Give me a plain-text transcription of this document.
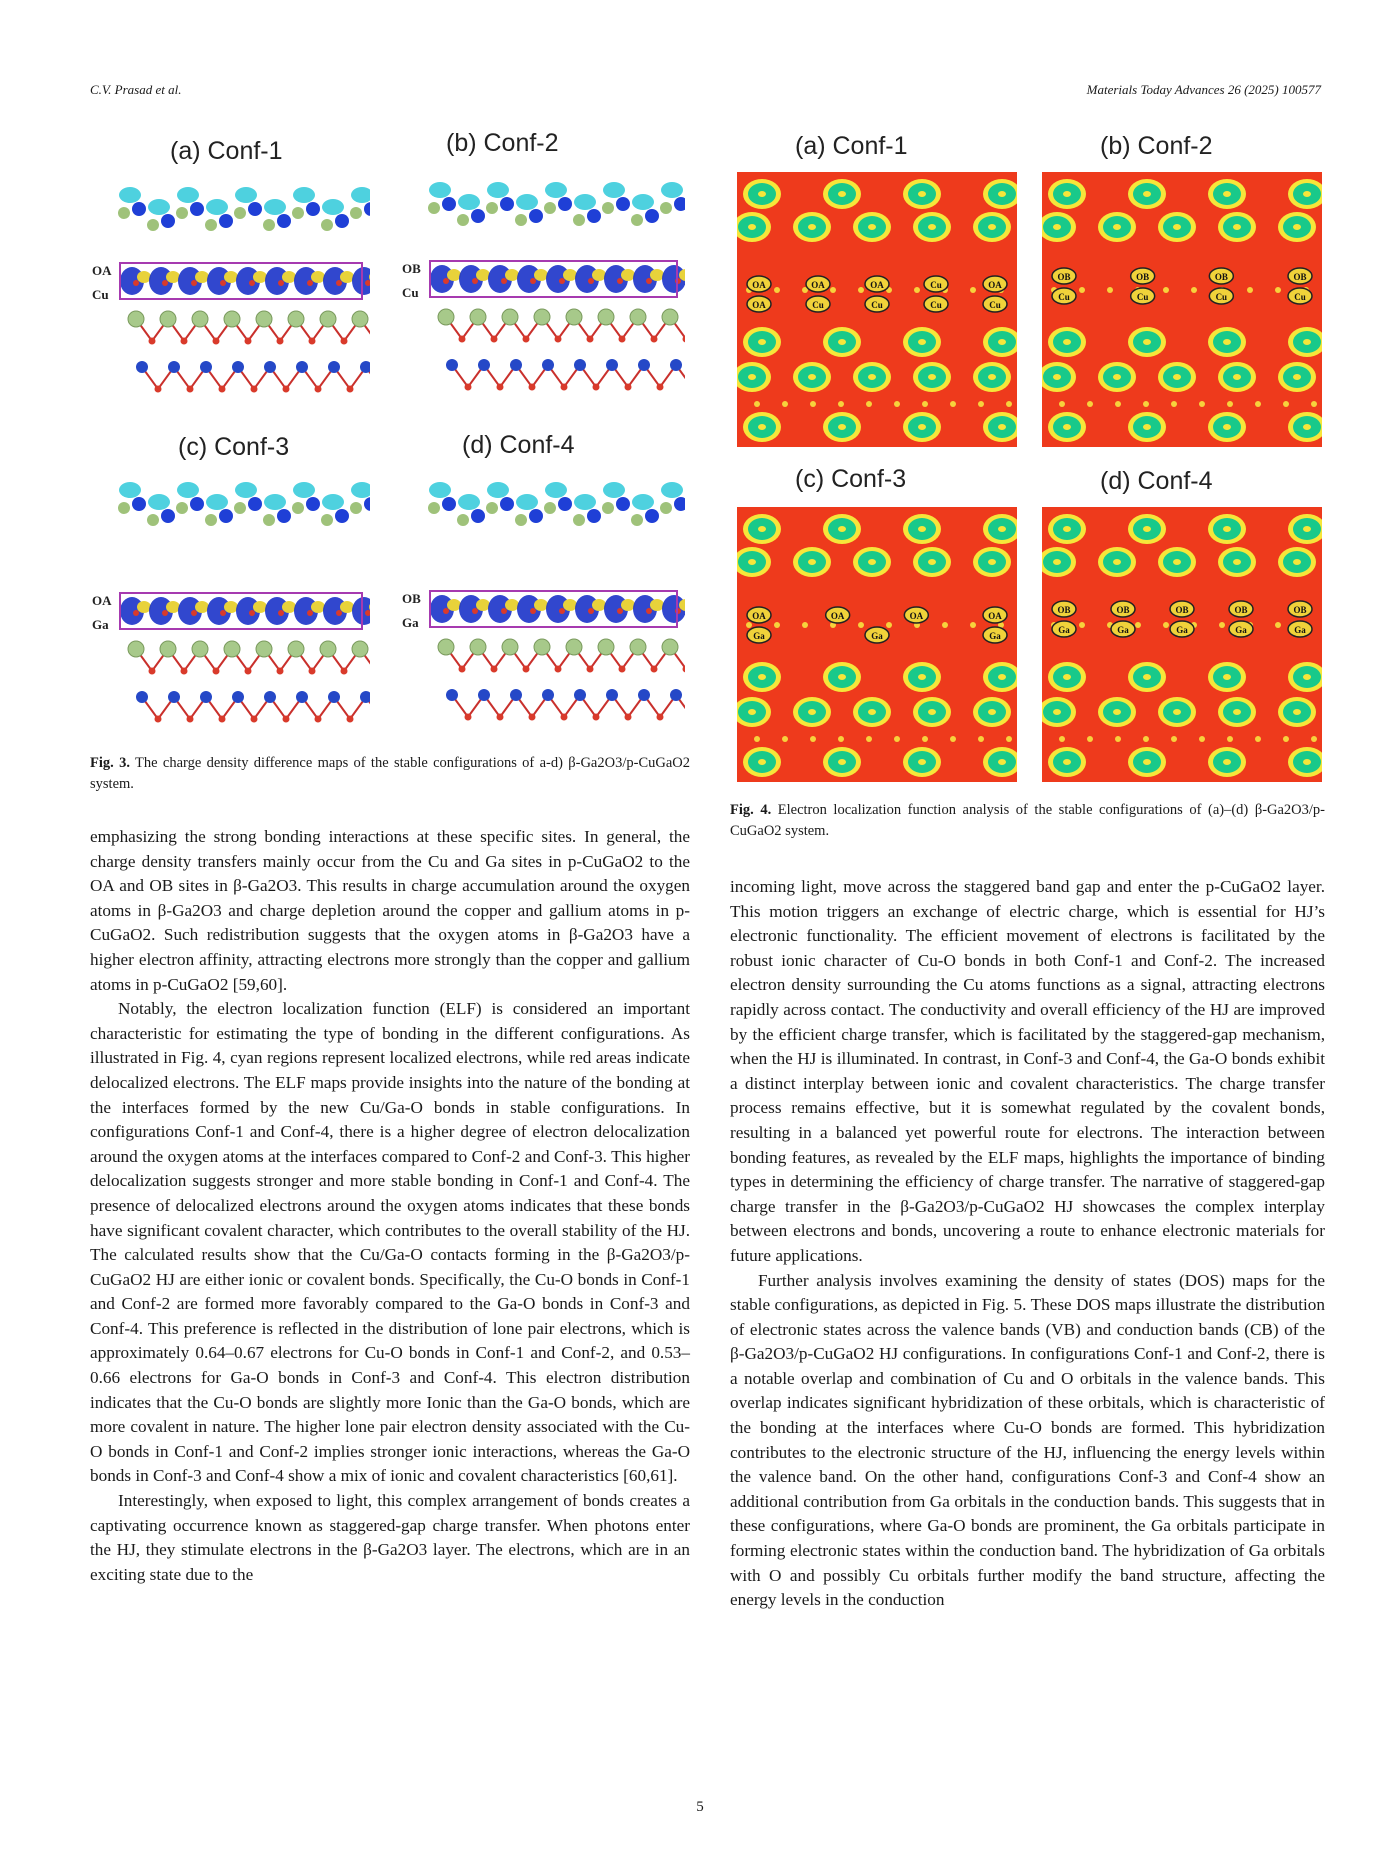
C.V. Prasad et al.	Materials Today Advances 26 (2025) 100577
(a) Conf-1	(b) Conf-2
(c) Conf-3	(d) Conf-4
OA
Cu
OB
Cu
OA
Ga
OB
Ga
Fig. 3. The charge density difference maps of the stable configurations of a-d) β-Ga2O3/p-CuGaO2 system.
(a) Conf-1	(b) Conf-2
(c) Conf-3	(d) Conf-4
OA	OA	OA	Cu	OA
OA	Cu	Cu	Cu	Cu
OB	OB	OB	OB
Cu	Cu	Cu	Cu
OA	OA	OA	OA
Ga	Ga	Ga
OB	OB	OB	OB	OB
Ga	Ga	Ga	Ga	Ga
Fig. 4. Electron localization function analysis of the stable configurations of (a)–(d) β-Ga2O3/p-CuGaO2 system.

emphasizing the strong bonding interactions at these specific sites. In general, the charge density transfers mainly occur from the Cu and Ga sites in p-CuGaO2 to the OA and OB sites in β-Ga2O3. This results in charge accumulation around the oxygen atoms in β-Ga2O3 and charge depletion around the copper and gallium atoms in p-CuGaO2. Such redistribution suggests that the oxygen atoms in β-Ga2O3 have a higher electron affinity, attracting electrons more strongly than the copper and gallium atoms in p-CuGaO2 [59,60].

Notably, the electron localization function (ELF) is considered an important characteristic for estimating the type of bonding in the different configurations. As illustrated in Fig. 4, cyan regions represent localized electrons, while red areas indicate delocalized electrons. The ELF maps provide insights into the nature of the bonding at the interfaces formed by the new Cu/Ga-O bonds in stable configurations. In configurations Conf-1 and Conf-4, there is a higher degree of electron delocalization around the oxygen atoms at the interfaces compared to Conf-2 and Conf-3. This higher delocalization suggests stronger and more stable bonding in Conf-1 and Conf-4. The presence of delocalized electrons around the oxygen atoms indicates that these bonds have significant covalent character, which contributes to the overall stability of the HJ. The calculated results show that the Cu/Ga-O contacts forming in the β-Ga2O3/p-CuGaO2 HJ are either ionic or covalent bonds. Specifically, the Cu-O bonds in Conf-1 and Conf-2 are formed more favorably compared to the Ga-O bonds in Conf-3 and Conf-4. This preference is reflected in the distribution of lone pair electrons, which is approximately 0.64–0.67 electrons for Cu-O bonds in Conf-1 and Conf-2, and 0.53–0.66 electrons for Ga-O bonds in Conf-3 and Conf-4. This electron distribution indicates that the Cu-O bonds are slightly more Ionic than the Ga-O bonds, which are more covalent in nature. The higher lone pair electron density associated with the Cu-O bonds in Conf-1 and Conf-2 implies stronger ionic interactions, whereas the Ga-O bonds in Conf-3 and Conf-4 show a mix of ionic and covalent characteristics [60,61].

Interestingly, when exposed to light, this complex arrangement of bonds creates a captivating occurrence known as staggered-gap charge transfer. When photons enter the HJ, they stimulate electrons in the β-Ga2O3 layer. The electrons, which are in an exciting state due to the

incoming light, move across the staggered band gap and enter the p-CuGaO2 layer. This motion triggers an exchange of electric charge, which is essential for HJ’s electronic functionality. The efficient movement of electrons is facilitated by the robust ionic character of Cu-O bonds in both Conf-1 and Conf-2. The increased electron density surrounding the Cu atoms functions as a signal, attracting electrons rapidly across contact. The conductivity and overall efficiency of the HJ are improved by the efficient charge transfer, which is facilitated by the staggered-gap mechanism, when the HJ is illuminated. In contrast, in Conf-3 and Conf-4, the Ga-O bonds exhibit a distinct interplay between ionic and covalent characteristics. The charge transfer process remains effective, but it is somewhat regulated by the covalent bonds, resulting in a balanced yet powerful route for electrons. The interaction between bonding features, as revealed by the ELF maps, highlights the importance of binding types in determining the efficiency of charge transfer. The narrative of staggered-gap charge transfer in the β-Ga2O3/p-CuGaO2 HJ showcases the complex interplay between electrons and bonds, uncovering a route to enhance electronic materials for future applications.

Further analysis involves examining the density of states (DOS) maps for the stable configurations, as depicted in Fig. 5. These DOS maps illustrate the distribution of electronic states across the valence bands (VB) and conduction bands (CB) of the β-Ga2O3/p-CuGaO2 HJ configurations. In configurations Conf-1 and Conf-2, there is a notable overlap and combination of Cu and O orbitals in the valence bands. This overlap indicates significant hybridization of these orbitals, which is characteristic of the bonding at the interfaces where Cu-O bonds are formed. This hybridization contributes to the electronic structure of the HJ, influencing the energy levels within the valence band. On the other hand, configurations Conf-3 and Conf-4 show an additional contribution from Ga orbitals in the conduction bands. This suggests that in these configurations, where Ga-O bonds are prominent, the Ga orbitals participate in forming electronic states within the conduction band. The hybridization of Ga orbitals with O and possibly Cu orbitals further modify the band structure, affecting the energy levels in the conduction

5
